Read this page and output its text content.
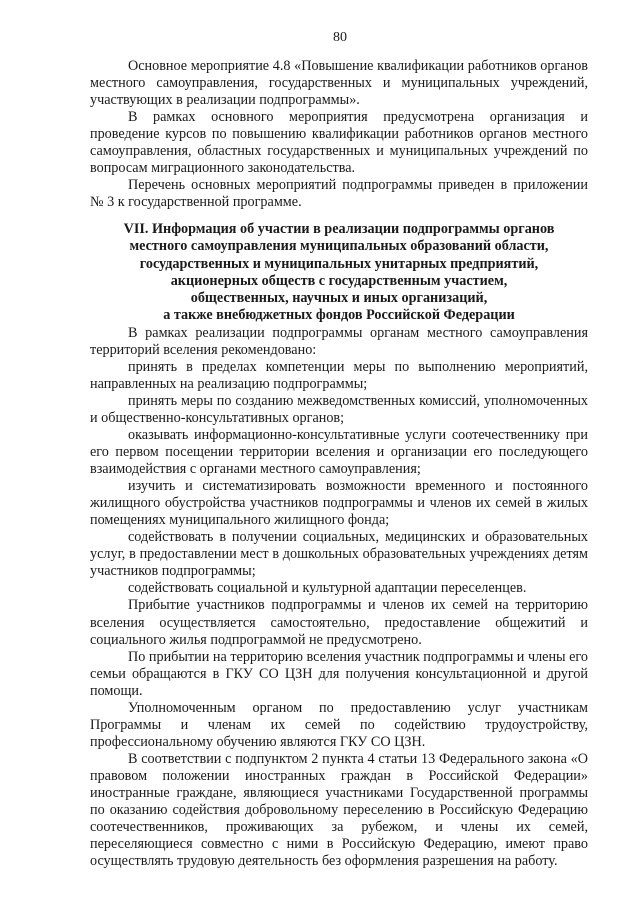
80

Основное мероприятие 4.8 «Повышение квалификации работников органов местного самоуправления, государственных и муниципальных учреждений, участвующих в реализации подпрограммы».

В рамках основного мероприятия предусмотрена организация и проведение курсов по повышению квалификации работников органов местного самоуправления, областных государственных и муниципальных учреждений по вопросам миграционного законодательства.

Перечень основных мероприятий подпрограммы приведен в приложении № 3 к государственной программе.

VII. Информация об участии в реализации подпрограммы органов
местного самоуправления муниципальных образований области,
государственных и муниципальных унитарных предприятий,
акционерных обществ с государственным участием,
общественных, научных и иных организаций,
а также внебюджетных фондов Российской Федерации

В рамках реализации подпрограммы органам местного самоуправления территорий вселения рекомендовано:

принять в пределах компетенции меры по выполнению мероприятий, направленных на реализацию подпрограммы;

принять меры по созданию межведомственных комиссий, уполномоченных и общественно-консультативных органов;

оказывать информационно-консультативные услуги соотечественнику при его первом посещении территории вселения и организации его последующего взаимодействия с органами местного самоуправления;

изучить и систематизировать возможности временного и постоянного жилищного обустройства участников подпрограммы и членов их семей в жилых помещениях муниципального жилищного фонда;

содействовать в получении социальных, медицинских и образовательных услуг, в предоставлении мест в дошкольных образовательных учреждениях детям участников подпрограммы;

содействовать социальной и культурной адаптации переселенцев.

Прибытие участников подпрограммы и членов их семей на территорию вселения осуществляется самостоятельно, предоставление общежитий и социального жилья подпрограммой не предусмотрено.

По прибытии на территорию вселения участник подпрограммы и члены его семьи обращаются в ГКУ СО ЦЗН для получения консультационной и другой помощи.

Уполномоченным органом по предоставлению услуг участникам Программы и членам их семей по содействию трудоустройству, профессиональному обучению являются ГКУ СО ЦЗН.

В соответствии с подпунктом 2 пункта 4 статьи 13 Федерального закона «О правовом положении иностранных граждан в Российской Федерации» иностранные граждане, являющиеся участниками Государственной программы по оказанию содействия добровольному переселению в Российскую Федерацию соотечественников, проживающих за рубежом, и члены их семей, переселяющиеся совместно с ними в Российскую Федерацию, имеют право осуществлять трудовую деятельность без оформления разрешения на работу.
